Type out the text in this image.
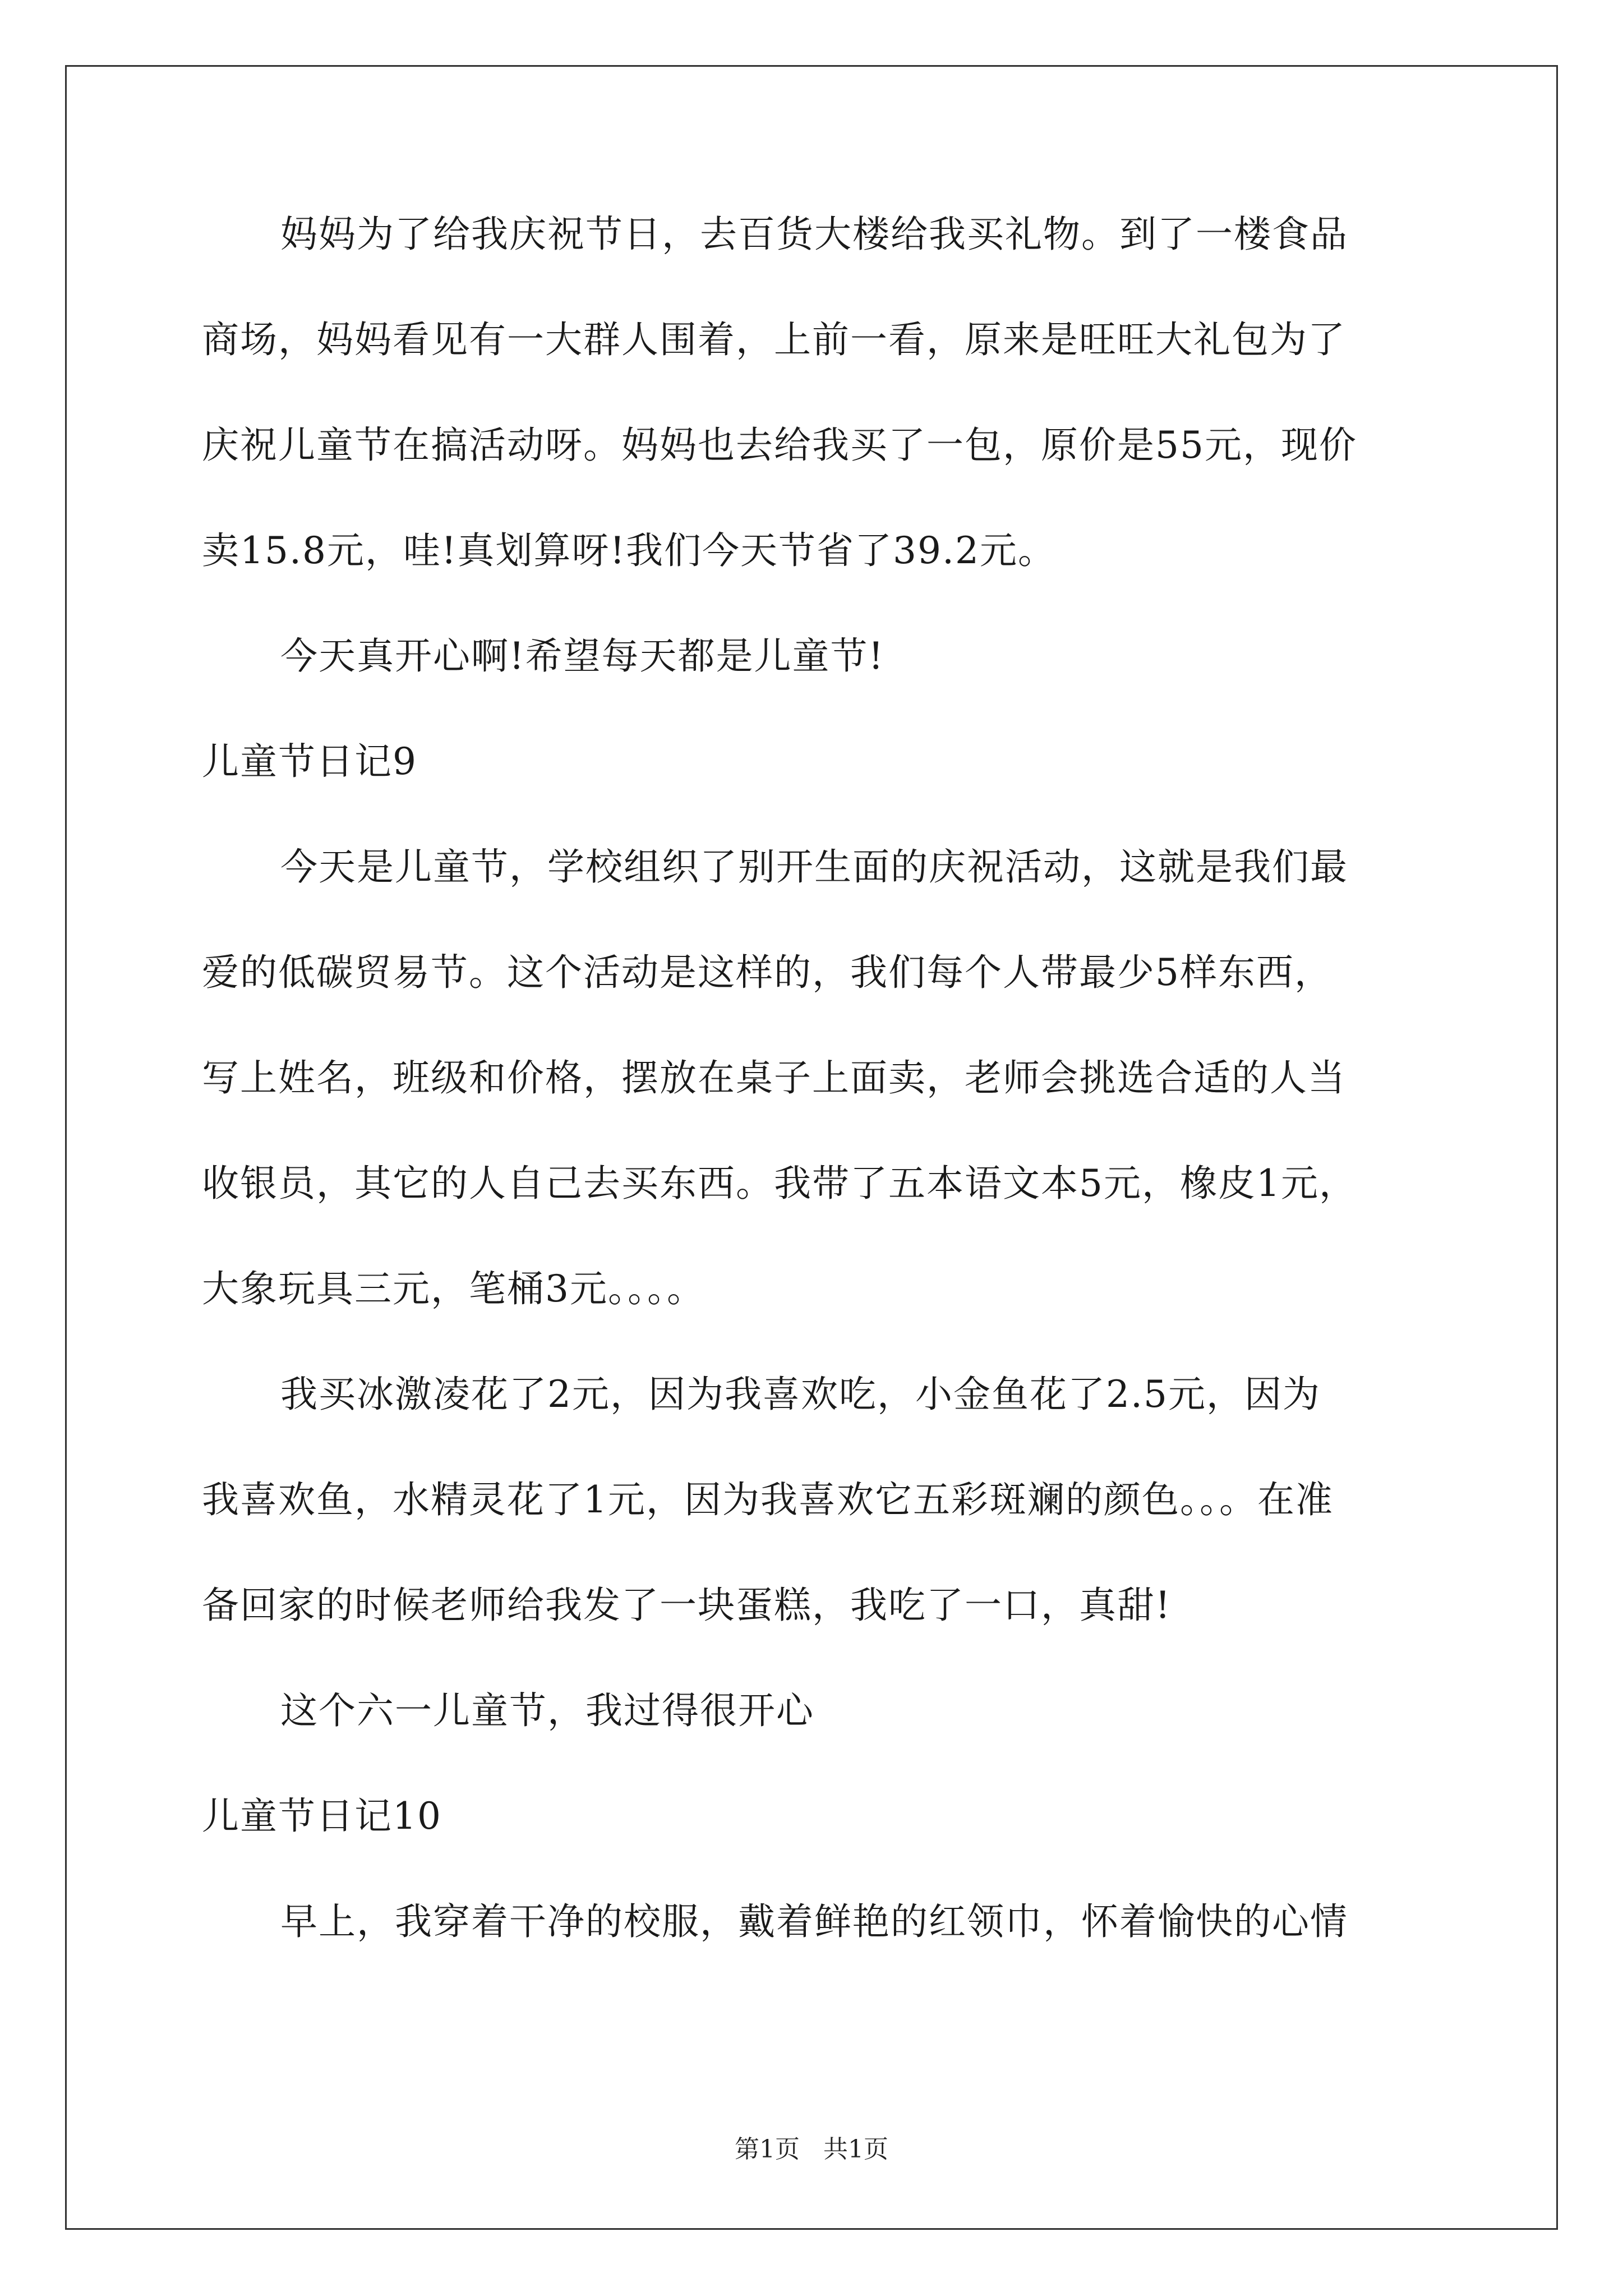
妈妈为了给我庆祝节日，去百货大楼给我买礼物。到了一楼食品
商场，妈妈看见有一大群人围着，上前一看，原来是旺旺大礼包为了
庆祝儿童节在搞活动呀。妈妈也去给我买了一包，原价是55元，现价
卖15.8元，哇!真划算呀!我们今天节省了39.2元。
今天真开心啊!希望每天都是儿童节!
儿童节日记9
今天是儿童节，学校组织了别开生面的庆祝活动，这就是我们最
爱的低碳贸易节。这个活动是这样的，我们每个人带最少5样东西，
写上姓名，班级和价格，摆放在桌子上面卖，老师会挑选合适的人当
收银员，其它的人自己去买东西。我带了五本语文本5元，橡皮1元，
大象玩具三元，笔桶3元。。。。
我买冰激凌花了2元，因为我喜欢吃，小金鱼花了2.5元，因为
我喜欢鱼，水精灵花了1元，因为我喜欢它五彩斑斓的颜色。。。在准
备回家的时候老师给我发了一块蛋糕，我吃了一口，真甜!
这个六一儿童节，我过得很开心
儿童节日记10
早上，我穿着干净的校服，戴着鲜艳的红领巾，怀着愉快的心情
第1页   共1页
